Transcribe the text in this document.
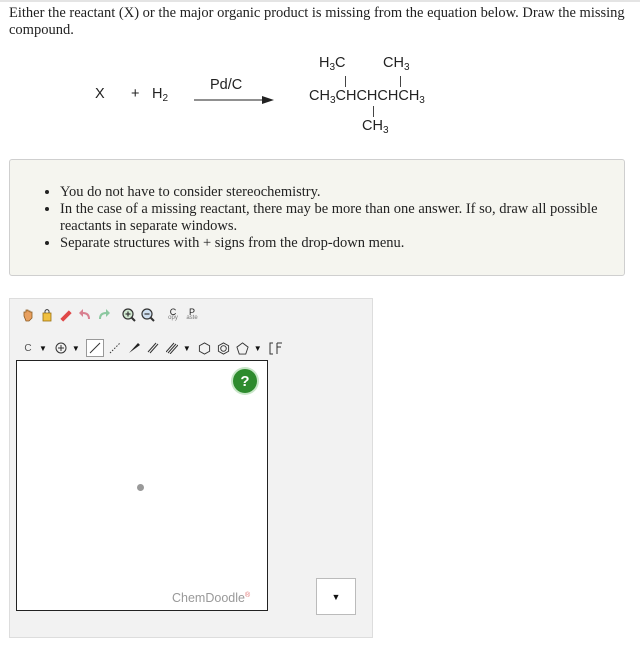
Either the reactant (X) or the major organic product is missing from the equation below. Draw the missing compound.
$X + H_2$
Pd/C
$H_3C$	$CH_3$
$CH_3CHCHCHCH_3$
$CH_3$
• You do not have to consider stereochemistry.
• In the case of a missing reactant, there may be more than one answer. If so, draw all possible reactants in separate windows.
• Separate structures with + signs from the drop-down menu.
C
opy
P
aste
C ▼	▼	▼	▼
?
ChemDoodle®	▼
